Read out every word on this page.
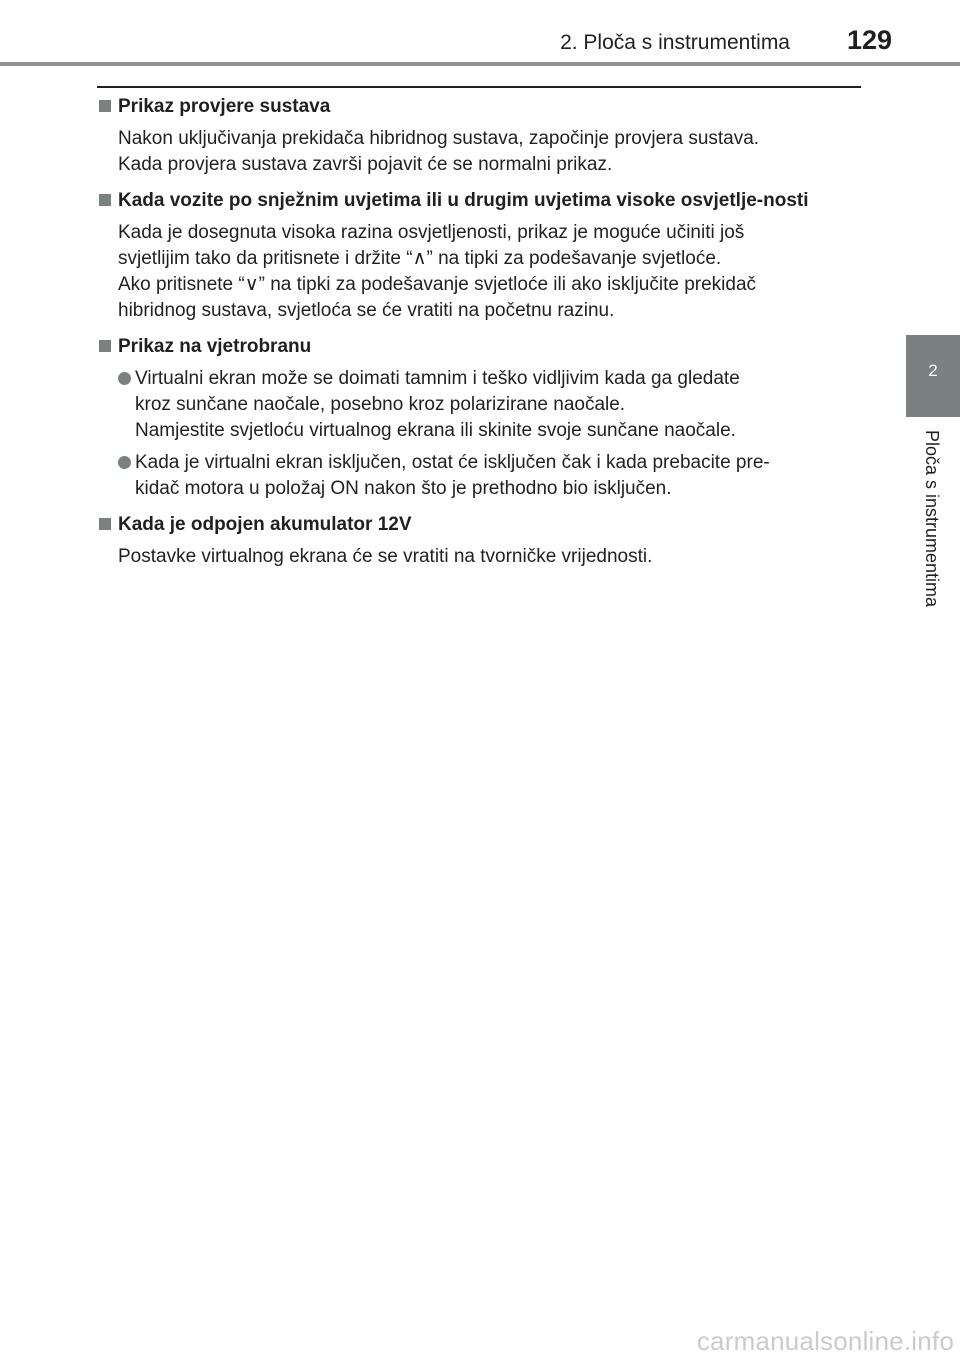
2. Ploča s instrumentima 129
2
Ploča s instrumentima
Prikaz provjere sustava
Nakon uključivanja prekidača hibridnog sustava, započinje provjera sustava.
Kada provjera sustava završi pojavit će se normalni prikaz.
Kada vozite po snježnim uvjetima ili u drugim uvjetima visoke osvjetlje-nosti
Kada je dosegnuta visoka razina osvjetljenosti, prikaz je moguće učiniti još
svjetlijim tako da pritisnete i držite “∧” na tipki za podešavanje svjetloće.
Ako pritisnete “∨” na tipki za podešavanje svjetloće ili ako isključite prekidač
hibridnog sustava, svjetloća se će vratiti na početnu razinu.
Prikaz na vjetrobranu
Virtualni ekran može se doimati tamnim i teško vidljivim kada ga gledate
kroz sunčane naočale, posebno kroz polarizirane naočale.
Namjestite svjetloću virtualnog ekrana ili skinite svoje sunčane naočale.
Kada je virtualni ekran isključen, ostat će isključen čak i kada prebacite pre-
kidač motora u položaj ON nakon što je prethodno bio isključen.
Kada je odpojen akumulator 12V
Postavke virtualnog ekrana će se vratiti na tvorničke vrijednosti.
carmanualsonline.info
